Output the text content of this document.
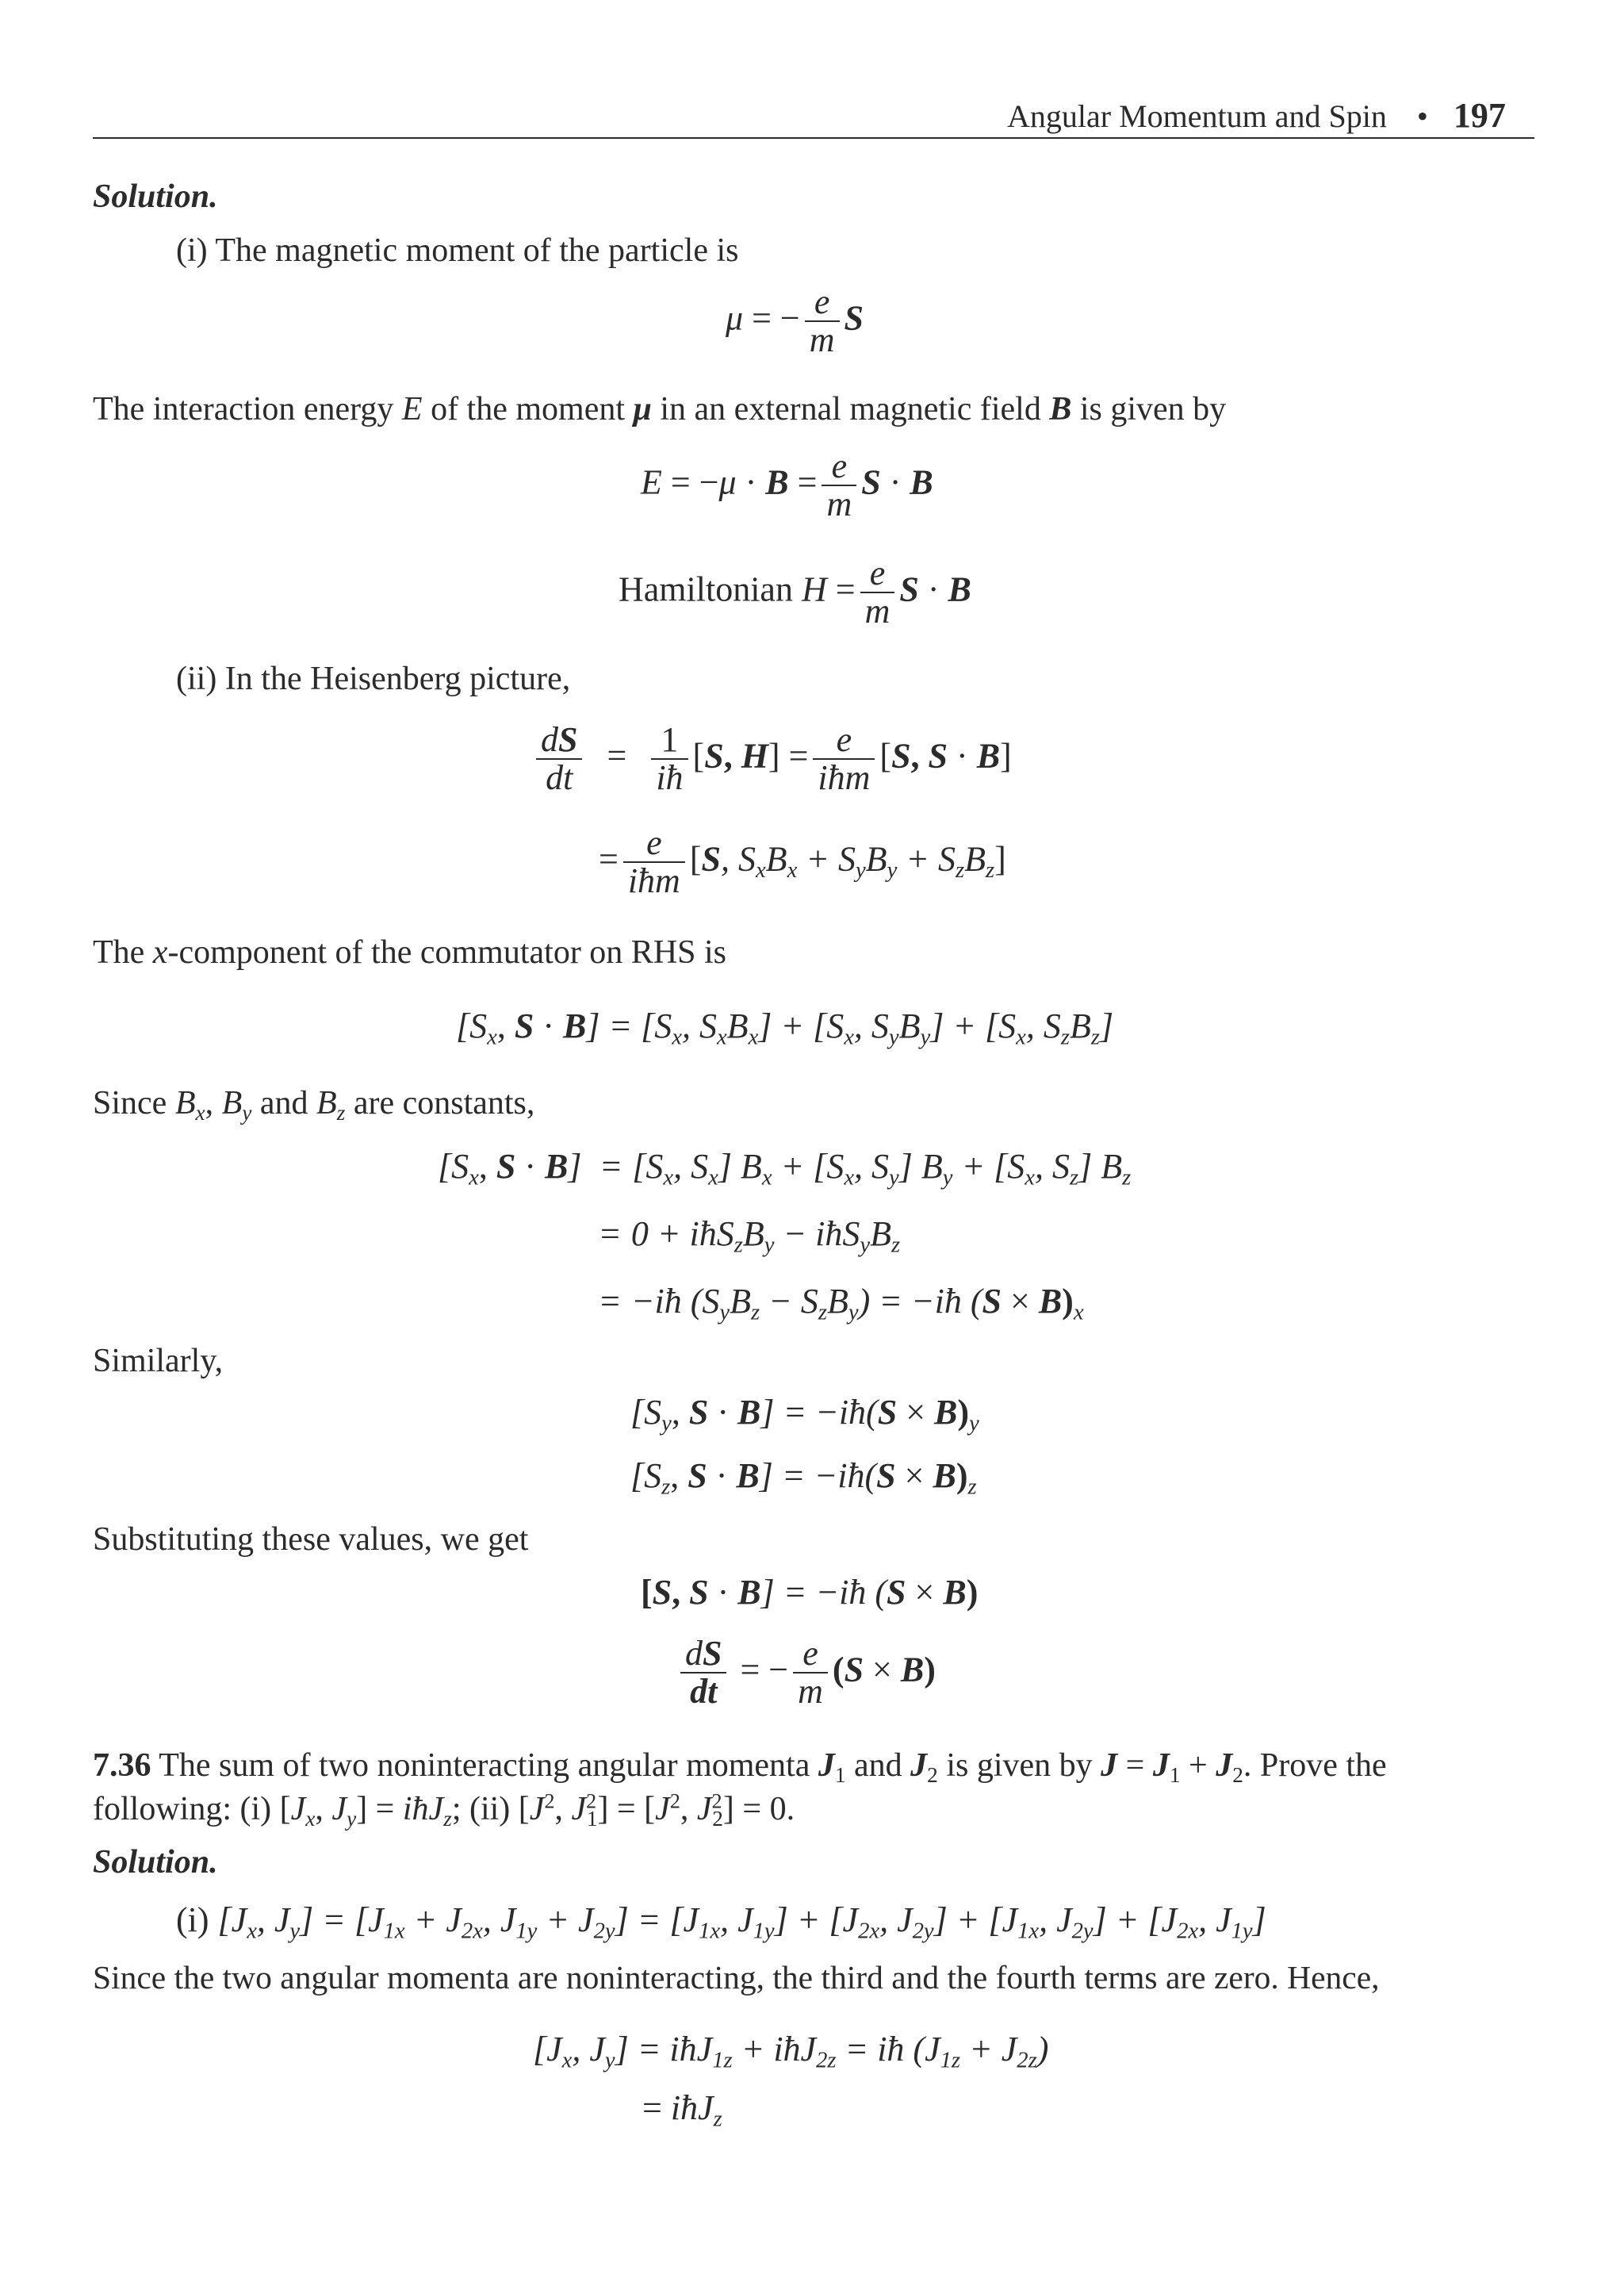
Angular Momentum and Spin • 197
Solution.
(i) The magnetic moment of the particle is
μ = − $\frac{e}{m}$ S
The interaction energy E of the moment μ in an external magnetic field B is given by
$E = -\mu \cdot B = \frac{e}{m}$ S · B
Hamiltonian $H = \frac{e}{m}$ S · B
(ii) In the Heisenberg picture,
$\frac{dS}{dt} = \frac{1}{iħ} [S$, $H] = \frac{e}{\text{iħm}} [S$, S · B]
= $\frac{e}{\text{iħm}} [S$, $S_xB_x + S_yB_y + S_zB_z$]
The x-component of the commutator on RHS is
[$S_x$, $S \cdot B] = [S_x$, $S_xB_x] + [S_x$, $S_yB_y] + [S_x$, $S_zB_z$]
Since $B_x$, $B_y$ and $B_z$ are constants,
[$S_x$, $S \cdot B] = [S_x$, $S_x$] $B_x + [S_x$, $S_y$] $B_y + [S_x$, $S_z$] $B_z$
= $0 + iħS_zB_y$ − $iħS_yB_z$
= −iħ $(S_yB_z - S_zB_y)$ = −iħ $(S \times B)_x$
Similarly,
[$S_y$, S · B] = −iħ(S × $B)_y$
[$S_z$, S · B] = −iħ(S × $B)_z$
Substituting these values, we get
[S, S · B] = −iħ (S × B)
$\frac{dS}{dt}$ = − $\frac{e}{m} (S \times B)$
7.36 The sum of two noninteracting angular momenta $J_1$ and $J_2$ is given by $J = J_1 + J_2$. Prove the
following: (i) [$J_x$, $J_y$] = iħJ$_z$; (ii) [$J^2$, $J^2_1] = [J^2$, $J^2_2] = 0$.
Solution.
(i) [$J_x$, $J_y] = [J_{1x} + J_{2x}$, $J_{1y} + J_{2y}] = [J_{1x}$, $J_{1y}] + [J_{2x}$, $J_{2y}] + [J_{1x}$, $J_{2y}] + [J_{2x}$, $J_{1y}$]
Since the two angular momenta are noninteracting, the third and the fourth terms are zero. Hence,
[$J_x$, $J_y$] = iħJ$_{1z}$ + iħJ$_{2z}$ = iħ $(J_{1z} + J_{2z})$
= iħJ$_z$
